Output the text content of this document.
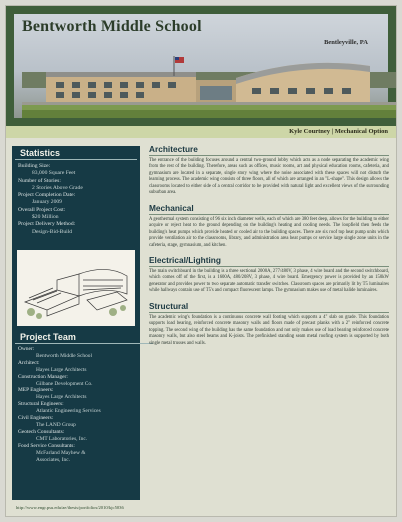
Bentworth Middle School
Bentleyville, PA
Kyle Courtney | Mechanical Option
Statistics
Building Size:
83,000 Square Feet
Number of Stories:
2 Stories Above Grade
Project Completion Date:
January 2009
Overall Project Cost:
$20 Million
Project Delivery Method:
Design-Bid-Build
Project Team
Owner:
Bentworth Middle School
Architect:
Hayes Large Architects
Construction Manager:
Gilbane Development Co.
MEP Engineers:
Hayes Large Architects
Structural Engineers:
Atlantic Engineering Services
Civil Engineers:
The LAND Group
Geotech Consultants:
CMT Laboratories, Inc.
Food Service Consultants:
McFarland Mayhew &
Associates, Inc.
Architecture

The entrance of the building focuses around a central two-ground lobby which acts as a node separating the academic wing from the rest of the building. Therefore, areas such as offices, music rooms, art and physical education rooms, cafeteria, and gymnasium are located in a separate, single story wing where the noise associated with these spaces will not disturb the learning process. The academic wing consists of three floors, all of which are arranged in an "L-shape". This design allows the classrooms located to either side of a central corridor to be provided with natural light and excellent views of the surrounding suburban area.

Mechanical

A geothermal system consisting of 96 six inch diameter wells, each of which are 380 feet deep, allows for the building to either acquire or reject heat to the ground depending on the building's heating and cooling needs. The loopfield then feeds the building's heat pumps which provide heated or cooled air to the building spaces. There are six roof top heat pump units which provide ventilation air to the classrooms, library, and administration area heat pumps or service large single zone units in the cafeteria, stage, gymnasium, and kitchen.

Electrical/Lighting

The main switchboard in the building is a three sectional 2000A, 277/480V, 3 phase, 4 wire board and the second switchboard, which comes off of the first, is a 1600A, 480/208V, 3 phase, 4 wire board. Emergency power is provided by an 150kW generator and provides power to two separate automatic transfer switches. Classroom spaces are primarily lit by T5 luminaires while hallways contain use of T5's and compact fluorescent lamps. The gymnasium makes use of metal halide luminaires.

Structural

The academic wing's foundation is a continuous concrete wall footing which supports a 4" slab on grade. This foundation supports load bearing, reinforced concrete masonry walls and floors made of precast planks with a 2" reinforced concrete topping. The second wing of the building has the same foundation and not only makes use of load bearing reinforced concrete masonry walls, but also steel beams and K-joists. The prefinished standing seam metal roofing system is supported by both single metal trusses and walls.

http://www.engr.psu.edu/ae/thesis/portfolios/2010/kjc5036
